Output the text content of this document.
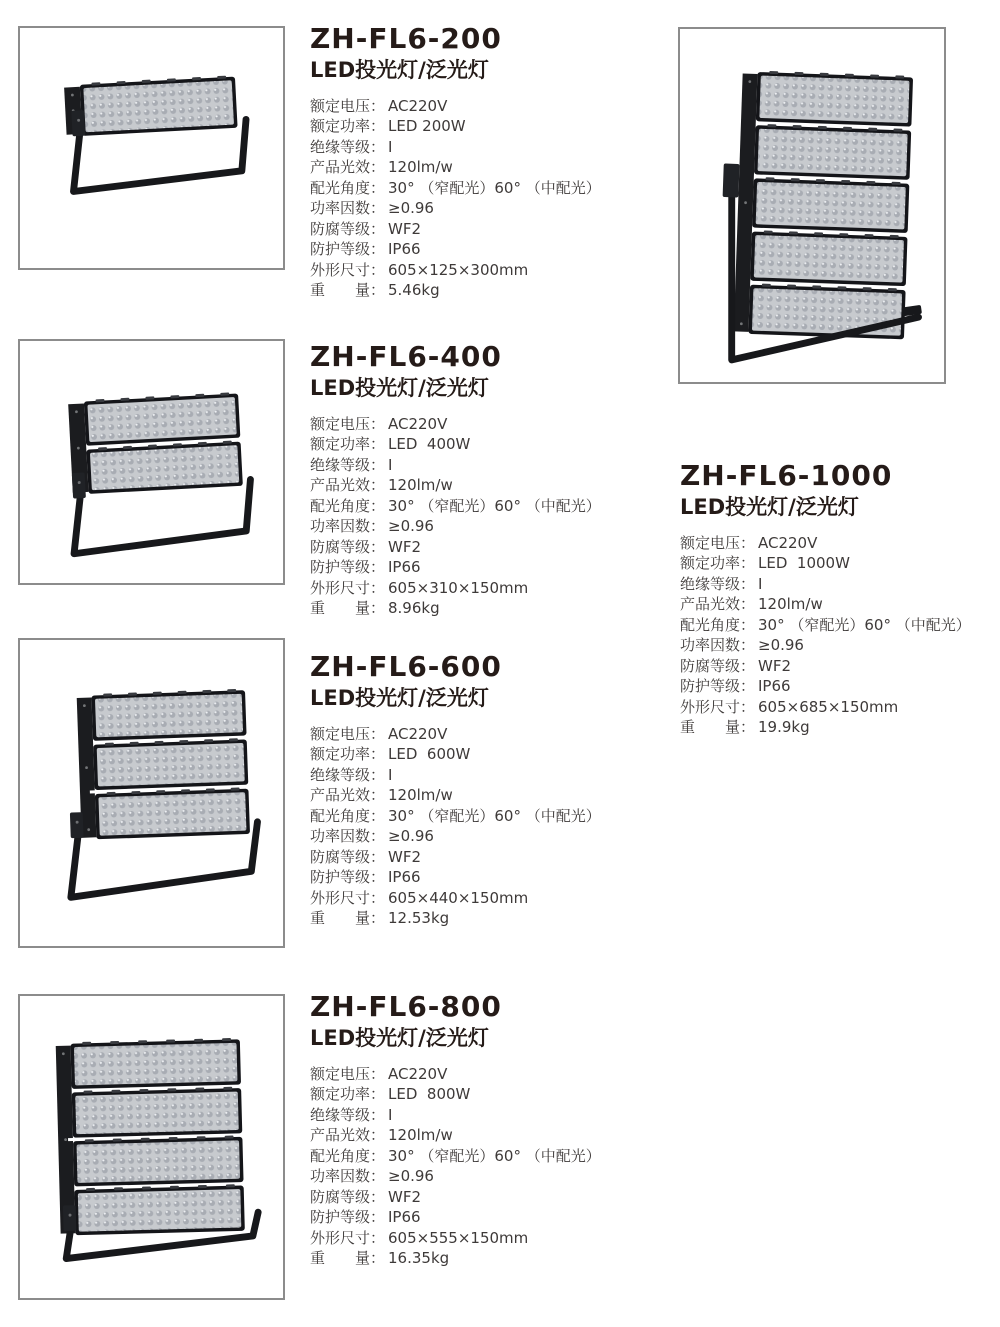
ZH-FL6-200
LED投光灯/泛光灯
额定电压： AC220V
额定功率： LED 200W
绝缘等级： I
产品光效： 120lm/w
配光角度： 30° （窄配光）60° （中配光）
功率因数： ≥0.96
防腐等级： WF2
防护等级： IP66
外形尺寸： 605×125×300mm
重　　量： 5.46kg
ZH-FL6-400
LED投光灯/泛光灯
额定电压： AC220V
额定功率： LED  400W
绝缘等级： I
产品光效： 120lm/w
配光角度： 30° （窄配光）60° （中配光）
功率因数： ≥0.96
防腐等级： WF2
防护等级： IP66
外形尺寸： 605×310×150mm
重　　量： 8.96kg
ZH-FL6-600
LED投光灯/泛光灯
额定电压： AC220V
额定功率： LED  600W
绝缘等级： I
产品光效： 120lm/w
配光角度： 30° （窄配光）60° （中配光）
功率因数： ≥0.96
防腐等级： WF2
防护等级： IP66
外形尺寸： 605×440×150mm
重　　量： 12.53kg
ZH-FL6-800
LED投光灯/泛光灯
额定电压： AC220V
额定功率： LED  800W
绝缘等级： I
产品光效： 120lm/w
配光角度： 30° （窄配光）60° （中配光）
功率因数： ≥0.96
防腐等级： WF2
防护等级： IP66
外形尺寸： 605×555×150mm
重　　量： 16.35kg
ZH-FL6-1000
LED投光灯/泛光灯
额定电压： AC220V
额定功率： LED  1000W
绝缘等级： I
产品光效： 120lm/w
配光角度： 30° （窄配光）60° （中配光）
功率因数： ≥0.96
防腐等级： WF2
防护等级： IP66
外形尺寸： 605×685×150mm
重　　量： 19.9kg
